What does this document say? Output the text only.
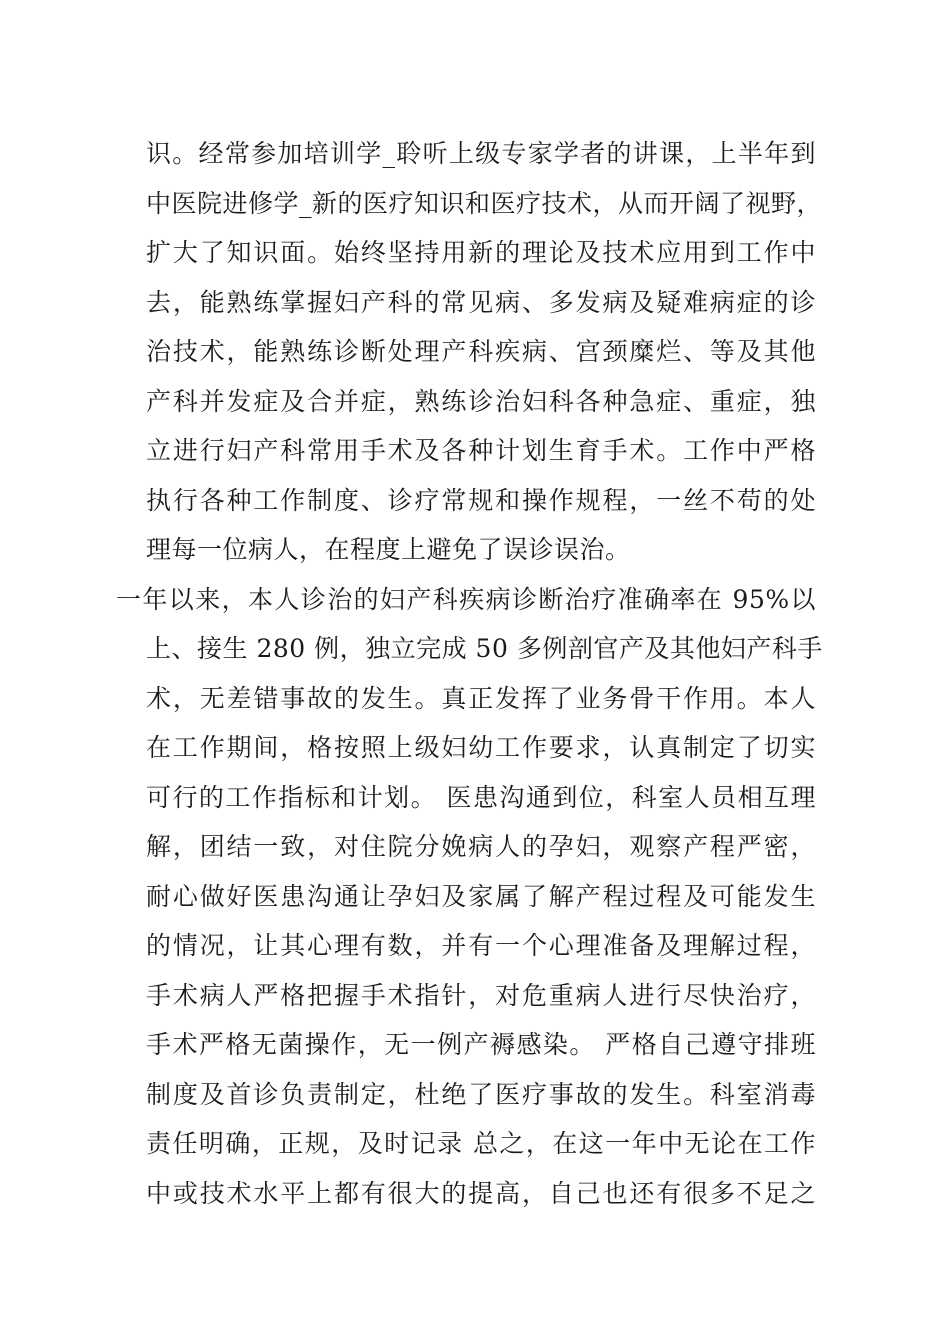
识。经常参加培训学_聆听上级专家学者的讲课，上半年到
中医院进修学_新的医疗知识和医疗技术，从而开阔了视野，
扩大了知识面。始终坚持用新的理论及技术应用到工作中
去，能熟练掌握妇产科的常见病、多发病及疑难病症的诊
治技术，能熟练诊断处理产科疾病、宫颈糜烂、等及其他
产科并发症及合并症，熟练诊治妇科各种急症、重症，独
立进行妇产科常用手术及各种计划生育手术。工作中严格
执行各种工作制度、诊疗常规和操作规程，一丝不苟的处
理每一位病人，在程度上避免了误诊误治。
一年以来，本人诊治的妇产科疾病诊断治疗准确率在 95%以
上、接生 280 例，独立完成 50 多例剖官产及其他妇产科手
术，无差错事故的发生。真正发挥了业务骨干作用。本人
在工作期间，格按照上级妇幼工作要求，认真制定了切实
可行的工作指标和计划。 医患沟通到位，科室人员相互理
解，团结一致，对住院分娩病人的孕妇，观察产程严密，
耐心做好医患沟通让孕妇及家属了解产程过程及可能发生
的情况，让其心理有数，并有一个心理准备及理解过程，
手术病人严格把握手术指针，对危重病人进行尽快治疗，
手术严格无菌操作，无一例产褥感染。 严格自己遵守排班
制度及首诊负责制定，杜绝了医疗事故的发生。科室消毒
责任明确，正规，及时记录 总之，在这一年中无论在工作
中或技术水平上都有很大的提高，自己也还有很多不足之
